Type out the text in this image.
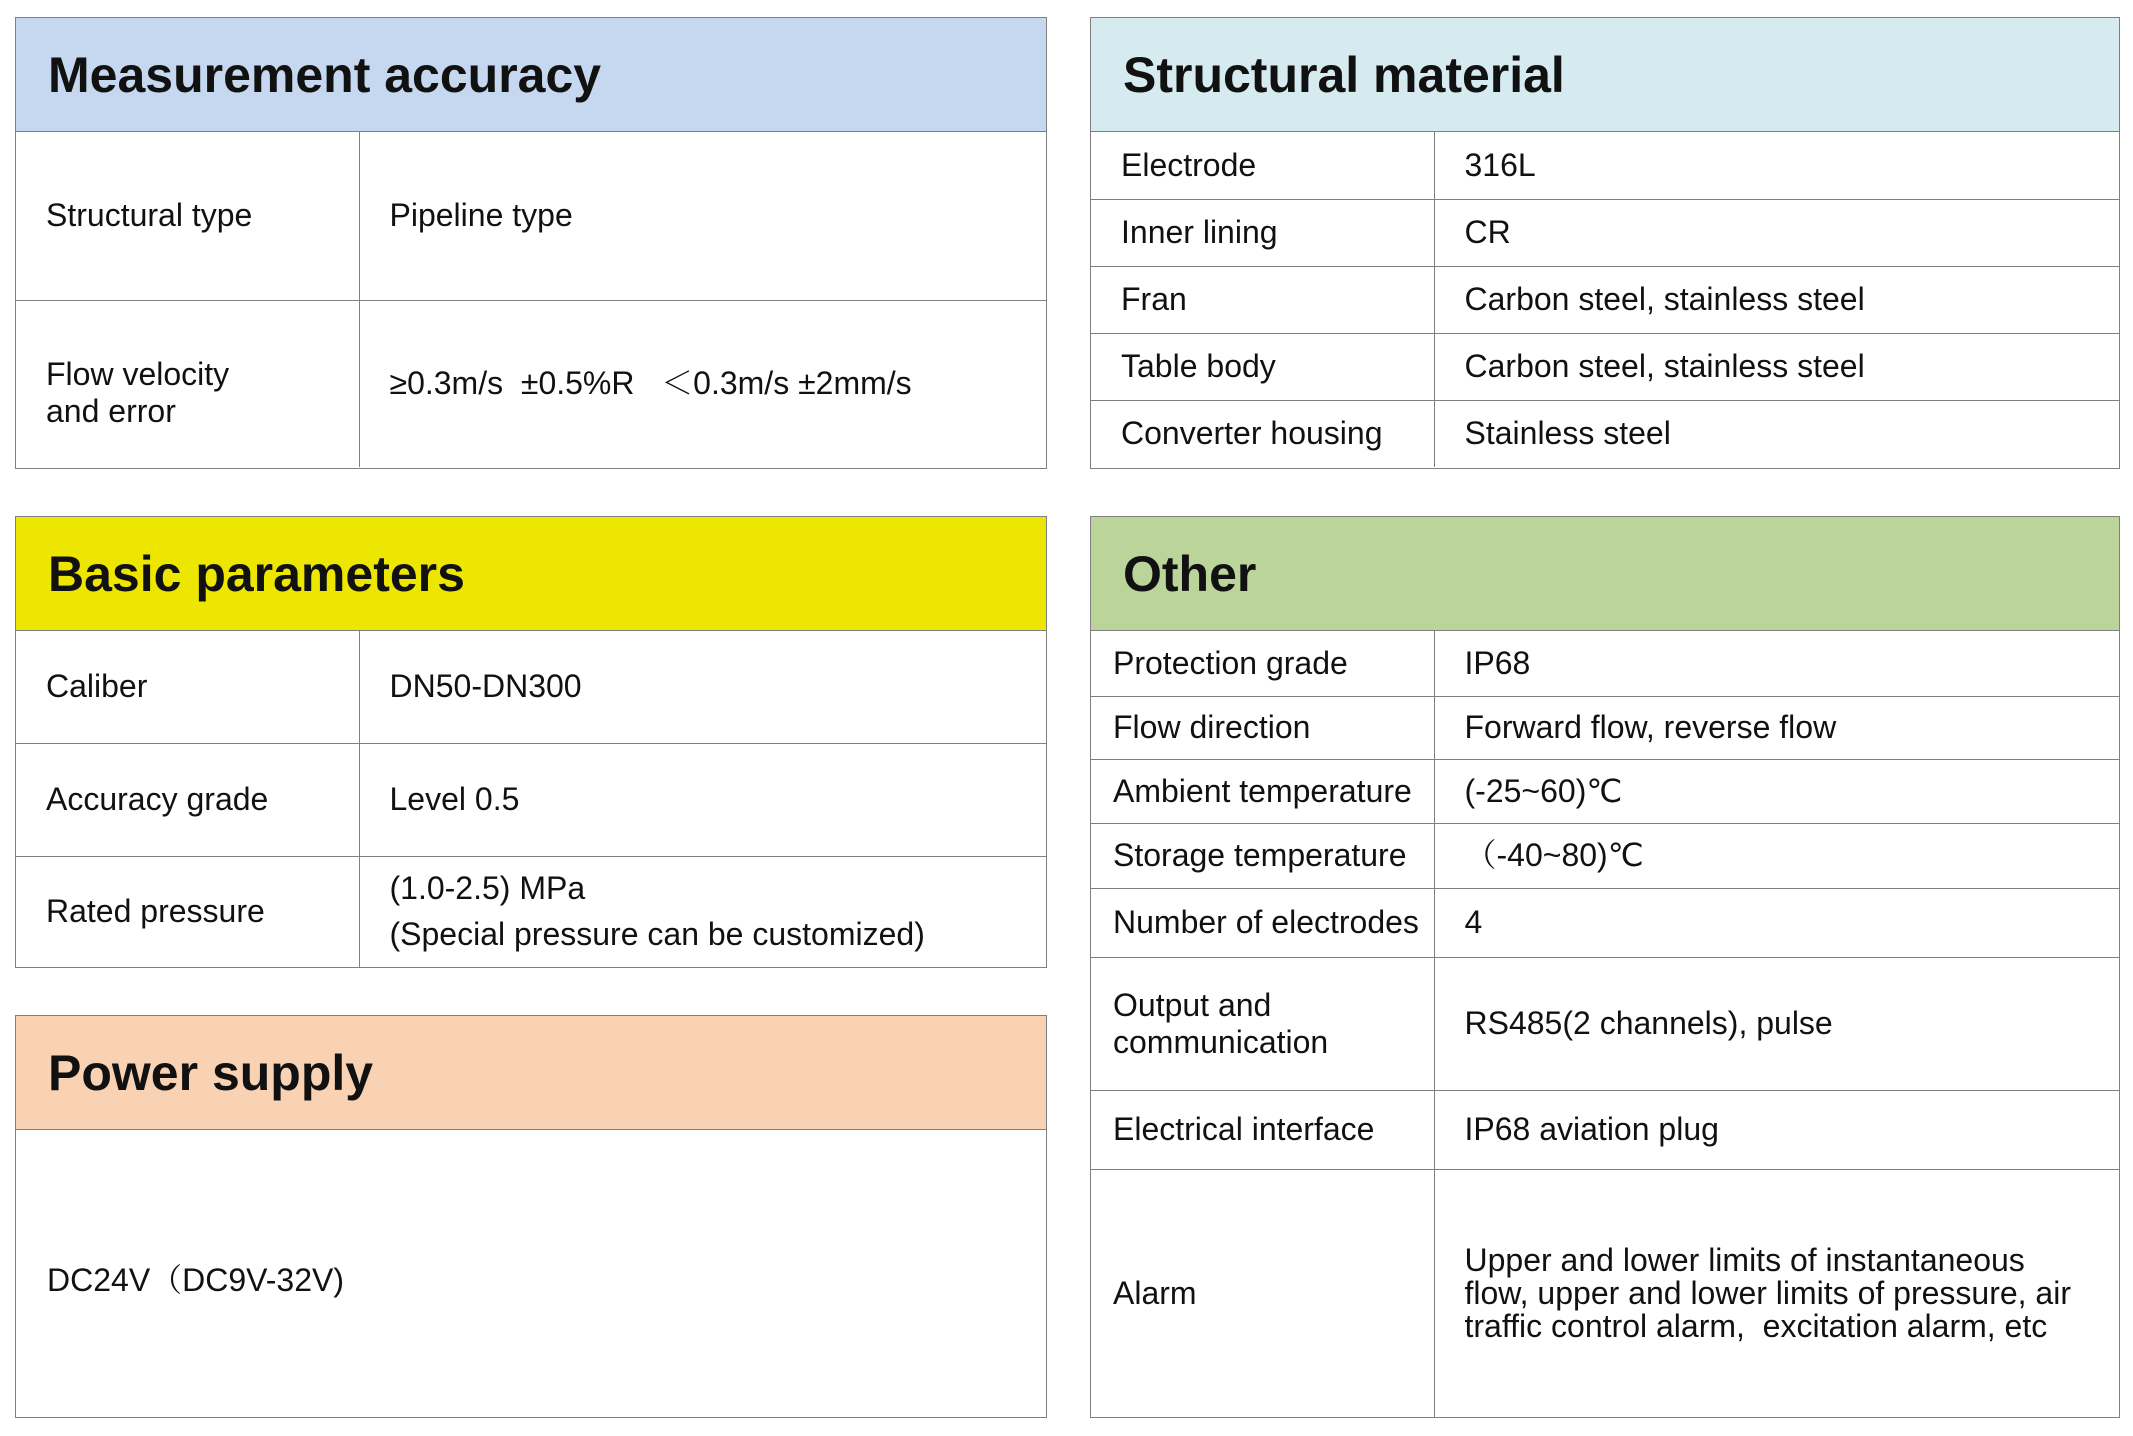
Measurement accuracy
Structural type	Pipeline type

Flow velocity
and error	≥0.3m/s  ±0.5%R   ＜0.3m/s ±2mm/s
Basic parameters
Caliber	DN50-DN300

Accuracy grade	Level 0.5

Rated pressure	(1.0-2.5) MPa
(Special pressure can be customized)
Power supply
DC24V（DC9V-32V)
Structural material
Electrode	316L

Inner lining	CR

Fran	Carbon steel, stainless steel

Table body	Carbon steel, stainless steel

Converter housing	Stainless steel
Other
Protection grade	IP68

Flow direction	Forward flow, reverse flow

Ambient temperature	(-25~60)℃

Storage temperature	（-40~80)℃

Number of electrodes	4

Output and
communication	RS485(2 channels), pulse

Electrical interface	IP68 aviation plug

Alarm	Upper and lower limits of instantaneous
flow, upper and lower limits of pressure, air
traffic control alarm,  excitation alarm, etc
